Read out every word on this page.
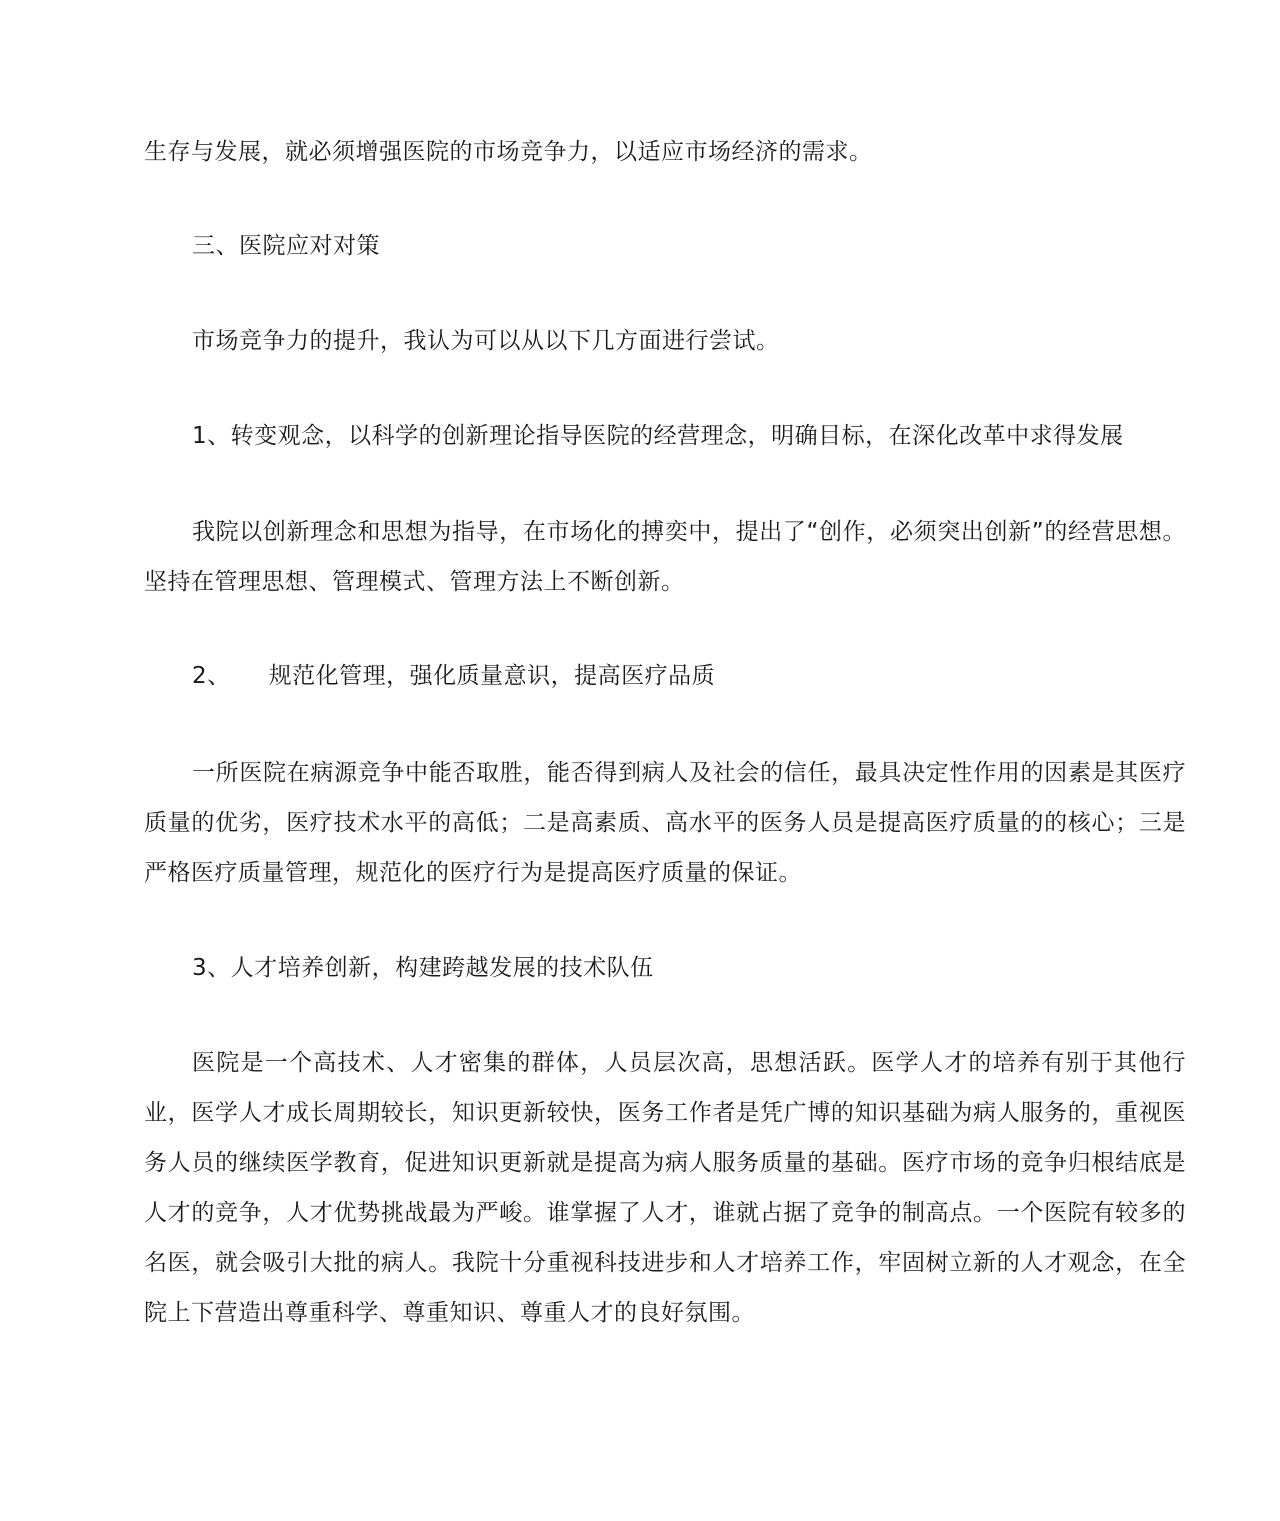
生存与发展，就必须增强医院的市场竞争力，以适应市场经济的需求。

三、医院应对对策

市场竞争力的提升，我认为可以从以下几方面进行尝试。

1、转变观念，以科学的创新理论指导医院的经营理念，明确目标，在深化改革中求得发展

我院以创新理念和思想为指导，在市场化的搏奕中，提出了“创作，必须突出创新”的经营思想。坚持在管理思想、管理模式、管理方法上不断创新。

2、 规范化管理，强化质量意识，提高医疗品质

一所医院在病源竞争中能否取胜，能否得到病人及社会的信任，最具决定性作用的因素是其医疗质量的优劣，医疗技术水平的高低；二是高素质、高水平的医务人员是提高医疗质量的的核心；三是严格医疗质量管理，规范化的医疗行为是提高医疗质量的保证。

3、人才培养创新，构建跨越发展的技术队伍

医院是一个高技术、人才密集的群体，人员层次高，思想活跃。医学人才的培养有别于其他行业，医学人才成长周期较长，知识更新较快，医务工作者是凭广博的知识基础为病人服务的，重视医务人员的继续医学教育，促进知识更新就是提高为病人服务质量的基础。医疗市场的竞争归根结底是人才的竞争，人才优势挑战最为严峻。谁掌握了人才，谁就占据了竞争的制高点。一个医院有较多的名医，就会吸引大批的病人。我院十分重视科技进步和人才培养工作，牢固树立新的人才观念，在全院上下营造出尊重科学、尊重知识、尊重人才的良好氛围。
